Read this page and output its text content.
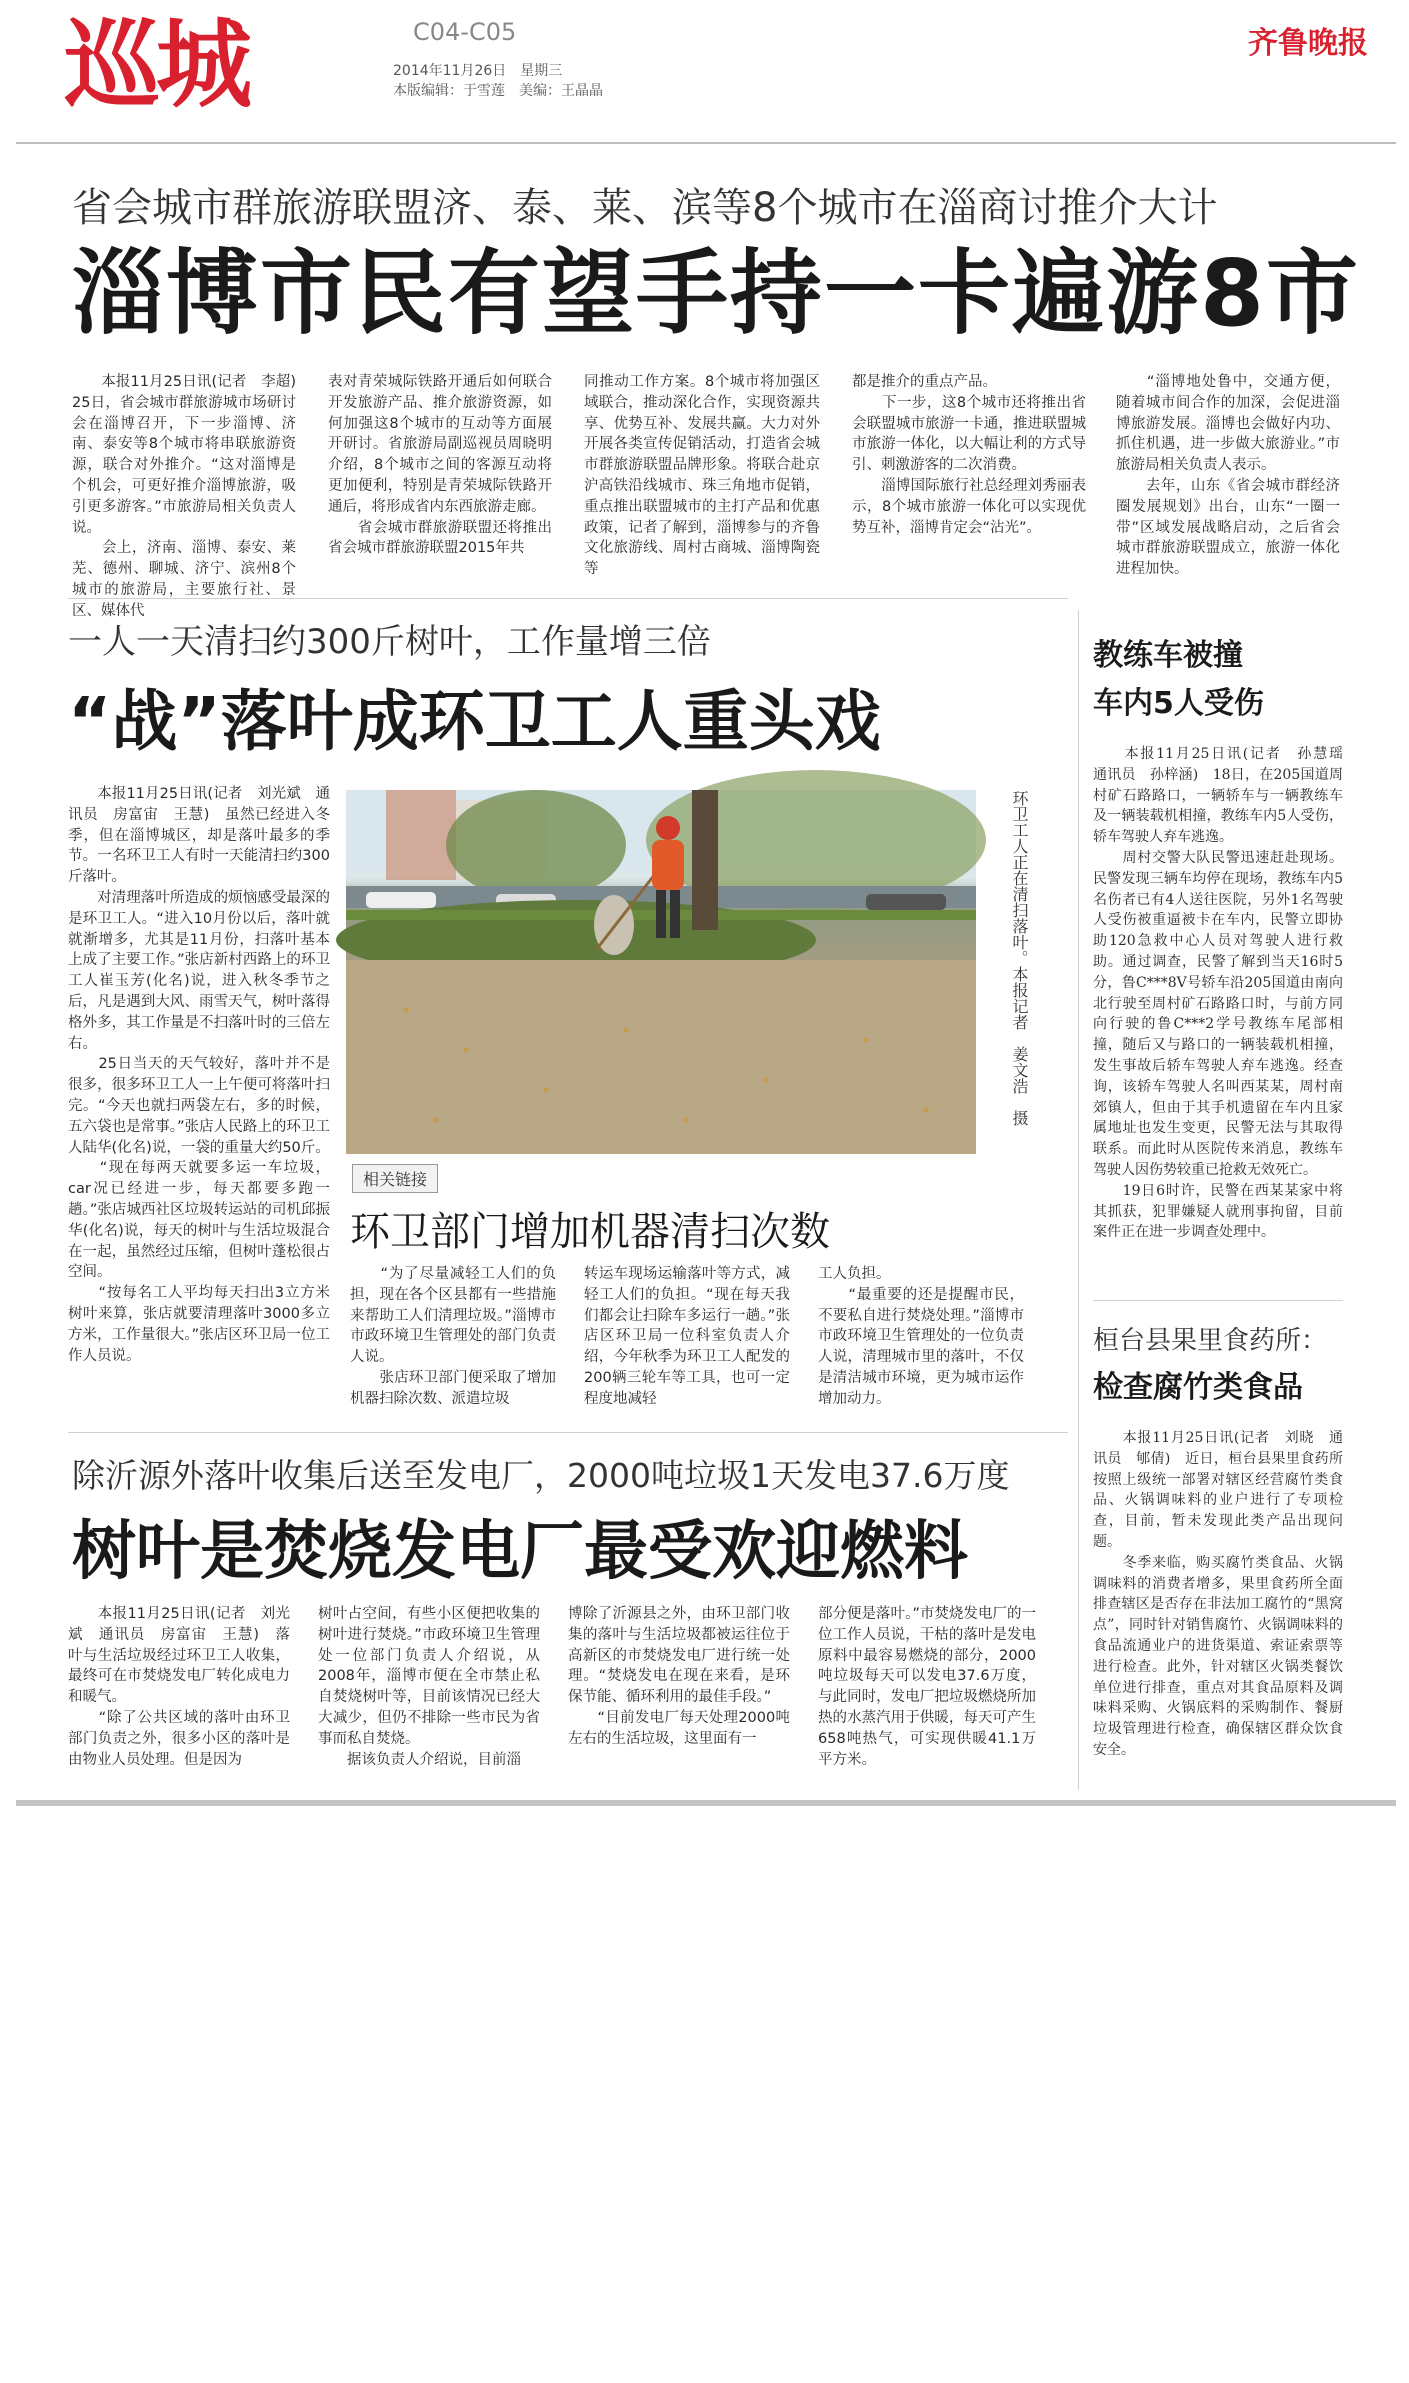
巡城	C04-C05
2014年11月26日　星期三
本版编辑：于雪莲　美编：王晶晶
齐鲁晚报
省会城市群旅游联盟济、泰、莱、滨等8个城市在淄商讨推介大计
淄博市民有望手持一卡遍游8市
　　本报11月25日讯(记者　李超)　25日，省会城市群旅游城市场研讨会在淄博召开，下一步淄博、济南、泰安等8个城市将串联旅游资源，联合对外推介。“这对淄博是个机会，可更好推介淄博旅游，吸引更多游客。”市旅游局相关负责人说。
　　会上，济南、淄博、泰安、莱芜、德州、聊城、济宁、滨州8个城市的旅游局，主要旅行社、景区、媒体代
表对青荣城际铁路开通后如何联合开发旅游产品、推介旅游资源，如何加强这8个城市的互动等方面展开研讨。省旅游局副巡视员周晓明介绍，8个城市之间的客源互动将更加便利，特别是青荣城际铁路开通后，将形成省内东西旅游走廊。
　　省会城市群旅游联盟还将推出省会城市群旅游联盟2015年共
同推动工作方案。8个城市将加强区域联合，推动深化合作，实现资源共享、优势互补、发展共赢。大力对外开展各类宣传促销活动，打造省会城市群旅游联盟品牌形象。将联合赴京沪高铁沿线城市、珠三角地市促销，重点推出联盟城市的主打产品和优惠政策，记者了解到，淄博参与的齐鲁文化旅游线、周村古商城、淄博陶瓷等
都是推介的重点产品。
　　下一步，这8个城市还将推出省会联盟城市旅游一卡通，推进联盟城市旅游一体化，以大幅让利的方式导引、刺激游客的二次消费。
　　淄博国际旅行社总经理刘秀丽表示，8个城市旅游一体化可以实现优势互补，淄博肯定会“沾光”。
　　“淄博地处鲁中，交通方便，随着城市间合作的加深，会促进淄博旅游发展。淄博也会做好内功、抓住机遇，进一步做大旅游业。”市旅游局相关负责人表示。
　　去年，山东《省会城市群经济圈发展规划》出台，山东“一圈一带”区域发展战略启动，之后省会城市群旅游联盟成立，旅游一体化进程加快。
一人一天清扫约300斤树叶，工作量增三倍
“战”落叶成环卫工人重头戏
　　本报11月25日讯(记者　刘光斌　通讯员　房富宙　王慧)　虽然已经进入冬季，但在淄博城区，却是落叶最多的季节。一名环卫工人有时一天能清扫约300斤落叶。
　　对清理落叶所造成的烦恼感受最深的是环卫工人。“进入10月份以后，落叶就就渐增多，尤其是11月份，扫落叶基本上成了主要工作。”张店新村西路上的环卫工人崔玉芳(化名)说，进入秋冬季节之后，凡是遇到大风、雨雪天气，树叶落得格外多，其工作量是不扫落叶时的三倍左右。
　　25日当天的天气较好，落叶并不是很多，很多环卫工人一上午便可将落叶扫完。“今天也就扫两袋左右，多的时候，五六袋也是常事。”张店人民路上的环卫工人陆华(化名)说，一袋的重量大约50斤。
　　“现在每两天就要多运一车垃圾，car况已经进一步，每天都要多跑一趟。”张店城西社区垃圾转运站的司机邱振华(化名)说，每天的树叶与生活垃圾混合在一起，虽然经过压缩，但树叶蓬松很占空间。
　　“按每名工人平均每天扫出3立方米树叶来算，张店就要清理落叶3000多立方米，工作量很大。”张店区环卫局一位工作人员说。
环卫工人正在清扫落叶。本报记者　姜文浩　摄
相关链接
环卫部门增加机器清扫次数
　　“为了尽量减轻工人们的负担，现在各个区县都有一些措施来帮助工人们清理垃圾。”淄博市市政环境卫生管理处的部门负责人说。
　　张店环卫部门便采取了增加机器扫除次数、派遣垃圾
转运车现场运输落叶等方式，减轻工人们的负担。“现在每天我们都会让扫除车多运行一趟。”张店区环卫局一位科室负责人介绍，今年秋季为环卫工人配发的200辆三轮车等工具，也可一定程度地减轻
工人负担。
　　“最重要的还是提醒市民，不要私自进行焚烧处理。”淄博市市政环境卫生管理处的一位负责人说，清理城市里的落叶，不仅是清洁城市环境，更为城市运作增加动力。
除沂源外落叶收集后送至发电厂，2000吨垃圾1天发电37.6万度
树叶是焚烧发电厂最受欢迎燃料
　　本报11月25日讯(记者　刘光斌　通讯员　房富宙　王慧)　落叶与生活垃圾经过环卫工人收集，最终可在市焚烧发电厂转化成电力和暖气。
　　“除了公共区域的落叶由环卫部门负责之外，很多小区的落叶是由物业人员处理。但是因为
树叶占空间，有些小区便把收集的树叶进行焚烧。”市政环境卫生管理处一位部门负责人介绍说，从2008年，淄博市便在全市禁止私自焚烧树叶等，目前该情况已经大大减少，但仍不排除一些市民为省事而私自焚烧。
　　据该负责人介绍说，目前淄
博除了沂源县之外，由环卫部门收集的落叶与生活垃圾都被运往位于高新区的市焚烧发电厂进行统一处理。“焚烧发电在现在来看，是环保节能、循环利用的最佳手段。”
　　“目前发电厂每天处理2000吨左右的生活垃圾，这里面有一
部分便是落叶。”市焚烧发电厂的一位工作人员说，干枯的落叶是发电原料中最容易燃烧的部分，2000吨垃圾每天可以发电37.6万度，与此同时，发电厂把垃圾燃烧所加热的水蒸汽用于供暖，每天可产生658吨热气，可实现供暖41.1万平方米。
教练车被撞
车内5人受伤
　　本报11月25日讯(记者　孙慧瑶　通讯员　孙梓涵)　18日，在205国道周村矿石路路口，一辆轿车与一辆教练车及一辆装载机相撞，教练车内5人受伤，轿车驾驶人弃车逃逸。
　　周村交警大队民警迅速赶赴现场。民警发现三辆车均停在现场，教练车内5名伤者已有4人送往医院，另外1名驾驶人受伤被重逼被卡在车内，民警立即协助120急救中心人员对驾驶人进行救助。通过调查，民警了解到当天16时5分，鲁C***8V号轿车沿205国道由南向北行驶至周村矿石路路口时，与前方同向行驶的鲁C***2学号教练车尾部相撞，随后又与路口的一辆装载机相撞，发生事故后轿车驾驶人弃车逃逸。经查询，该轿车驾驶人名叫西某某，周村南郊镇人，但由于其手机遗留在车内且家属地址也发生变更，民警无法与其取得联系。而此时从医院传来消息，教练车驾驶人因伤势较重已抢救无效死亡。
　　19日6时许，民警在西某某家中将其抓获，犯罪嫌疑人就刑事拘留，目前案件正在进一步调查处理中。
桓台县果里食药所：
检查腐竹类食品
　　本报11月25日讯(记者　刘晓　通讯员　郇倩)　近日，桓台县果里食药所按照上级统一部署对辖区经营腐竹类食品、火锅调味料的业户进行了专项检查，目前，暂未发现此类产品出现问题。
　　冬季来临，购买腐竹类食品、火锅调味料的消费者增多，果里食药所全面排查辖区是否存在非法加工腐竹的“黑窝点”，同时针对销售腐竹、火锅调味料的食品流通业户的进货渠道、索证索票等进行检查。此外，针对辖区火锅类餐饮单位进行排查，重点对其食品原料及调味料采购、火锅底料的采购制作、餐厨垃圾管理进行检查，确保辖区群众饮食安全。
